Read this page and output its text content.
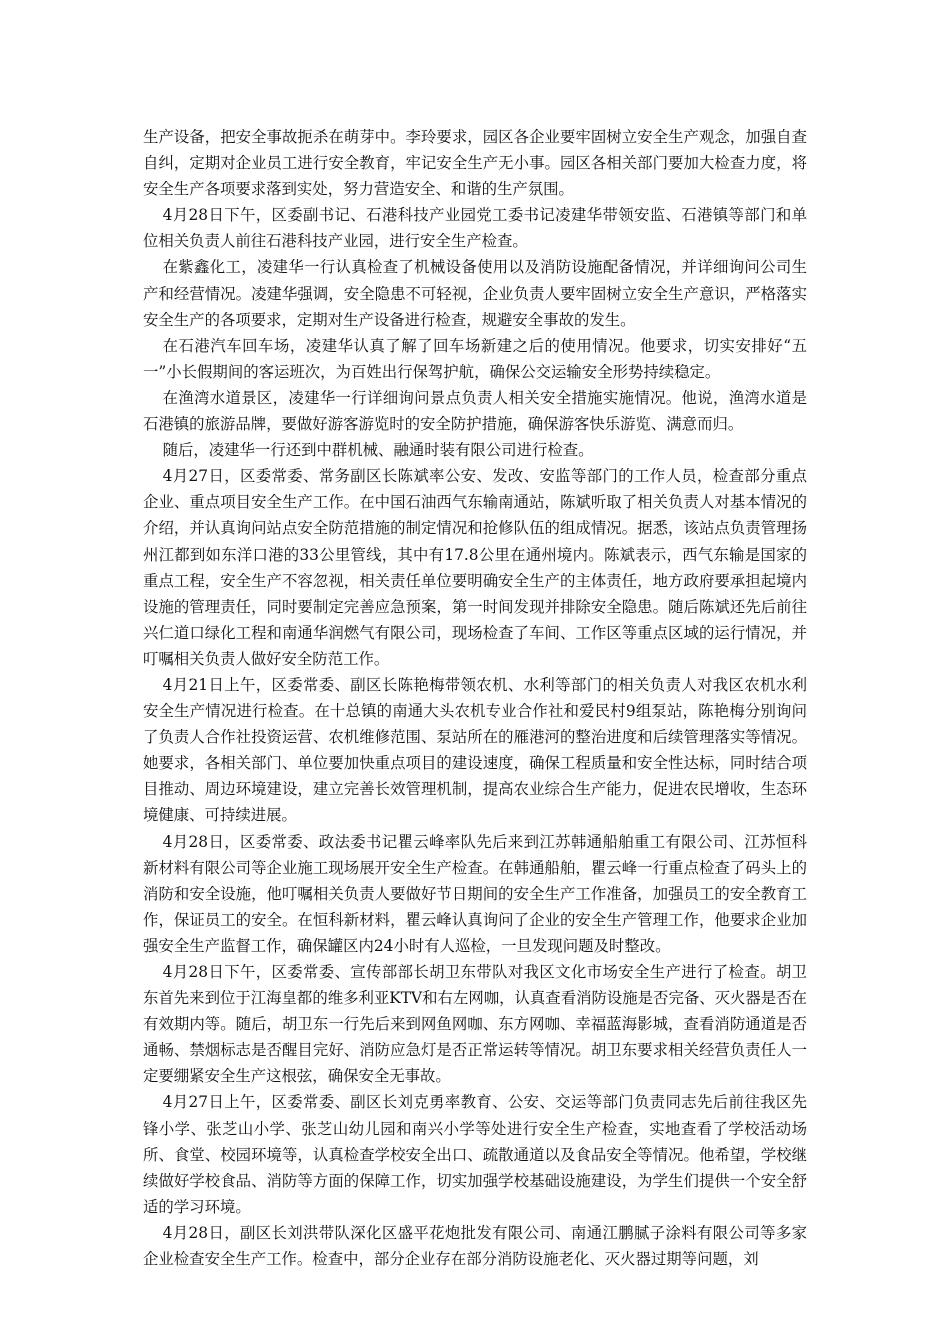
生产设备，把安全事故扼杀在萌芽中。李玲要求，园区各企业要牢固树立安全生产观念，加强自查自纠，定期对企业员工进行安全教育，牢记安全生产无小事。园区各相关部门要加大检查力度，将安全生产各项要求落到实处，努力营造安全、和谐的生产氛围。

4月28日下午，区委副书记、石港科技产业园党工委书记凌建华带领安监、石港镇等部门和单位相关负责人前往石港科技产业园，进行安全生产检查。

在紫鑫化工，凌建华一行认真检查了机械设备使用以及消防设施配备情况，并详细询问公司生产和经营情况。凌建华强调，安全隐患不可轻视，企业负责人要牢固树立安全生产意识，严格落实安全生产的各项要求，定期对生产设备进行检查，规避安全事故的发生。

在石港汽车回车场，凌建华认真了解了回车场新建之后的使用情况。他要求，切实安排好“五一”小长假期间的客运班次，为百姓出行保驾护航，确保公交运输安全形势持续稳定。

在渔湾水道景区，凌建华一行详细询问景点负责人相关安全措施实施情况。他说，渔湾水道是石港镇的旅游品牌，要做好游客游览时的安全防护措施，确保游客快乐游览、满意而归。

随后，凌建华一行还到中群机械、融通时装有限公司进行检查。

4月27日，区委常委、常务副区长陈斌率公安、发改、安监等部门的工作人员，检查部分重点企业、重点项目安全生产工作。在中国石油西气东输南通站，陈斌听取了相关负责人对基本情况的介绍，并认真询问站点安全防范措施的制定情况和抢修队伍的组成情况。据悉，该站点负责管理扬州江都到如东洋口港的33公里管线，其中有17.8公里在通州境内。陈斌表示，西气东输是国家的重点工程，安全生产不容忽视，相关责任单位要明确安全生产的主体责任，地方政府要承担起境内设施的管理责任，同时要制定完善应急预案，第一时间发现并排除安全隐患。随后陈斌还先后前往兴仁道口绿化工程和南通华润燃气有限公司，现场检查了车间、工作区等重点区域的运行情况，并叮嘱相关负责人做好安全防范工作。

4月21日上午，区委常委、副区长陈艳梅带领农机、水利等部门的相关负责人对我区农机水利安全生产情况进行检查。在十总镇的南通大头农机专业合作社和爱民村9组泵站，陈艳梅分别询问了负责人合作社投资运营、农机维修范围、泵站所在的雁港河的整治进度和后续管理落实等情况。她要求，各相关部门、单位要加快重点项目的建设速度，确保工程质量和安全性达标，同时结合项目推动、周边环境建设，建立完善长效管理机制，提高农业综合生产能力，促进农民增收，生态环境健康、可持续进展。

4月28日，区委常委、政法委书记瞿云峰率队先后来到江苏韩通船舶重工有限公司、江苏恒科新材料有限公司等企业施工现场展开安全生产检查。在韩通船舶，瞿云峰一行重点检查了码头上的消防和安全设施，他叮嘱相关负责人要做好节日期间的安全生产工作准备，加强员工的安全教育工作，保证员工的安全。在恒科新材料，瞿云峰认真询问了企业的安全生产管理工作，他要求企业加强安全生产监督工作，确保罐区内24小时有人巡检，一旦发现问题及时整改。

4月28日下午，区委常委、宣传部部长胡卫东带队对我区文化市场安全生产进行了检查。胡卫东首先来到位于江海皇都的维多利亚KTV和右左网咖，认真查看消防设施是否完备、灭火器是否在有效期内等。随后，胡卫东一行先后来到网鱼网咖、东方网咖、幸福蓝海影城，查看消防通道是否通畅、禁烟标志是否醒目完好、消防应急灯是否正常运转等情况。胡卫东要求相关经营负责任人一定要绷紧安全生产这根弦，确保安全无事故。

4月27日上午，区委常委、副区长刘克勇率教育、公安、交运等部门负责同志先后前往我区先锋小学、张芝山小学、张芝山幼儿园和南兴小学等处进行安全生产检查，实地查看了学校活动场所、食堂、校园环境等，认真检查学校安全出口、疏散通道以及食品安全等情况。他希望，学校继续做好学校食品、消防等方面的保障工作，切实加强学校基础设施建设，为学生们提供一个安全舒适的学习环境。

4月28日，副区长刘洪带队深化区盛平花炮批发有限公司、南通江鹏腻子涂料有限公司等多家企业检查安全生产工作。检查中，部分企业存在部分消防设施老化、灭火器过期等问题，刘
